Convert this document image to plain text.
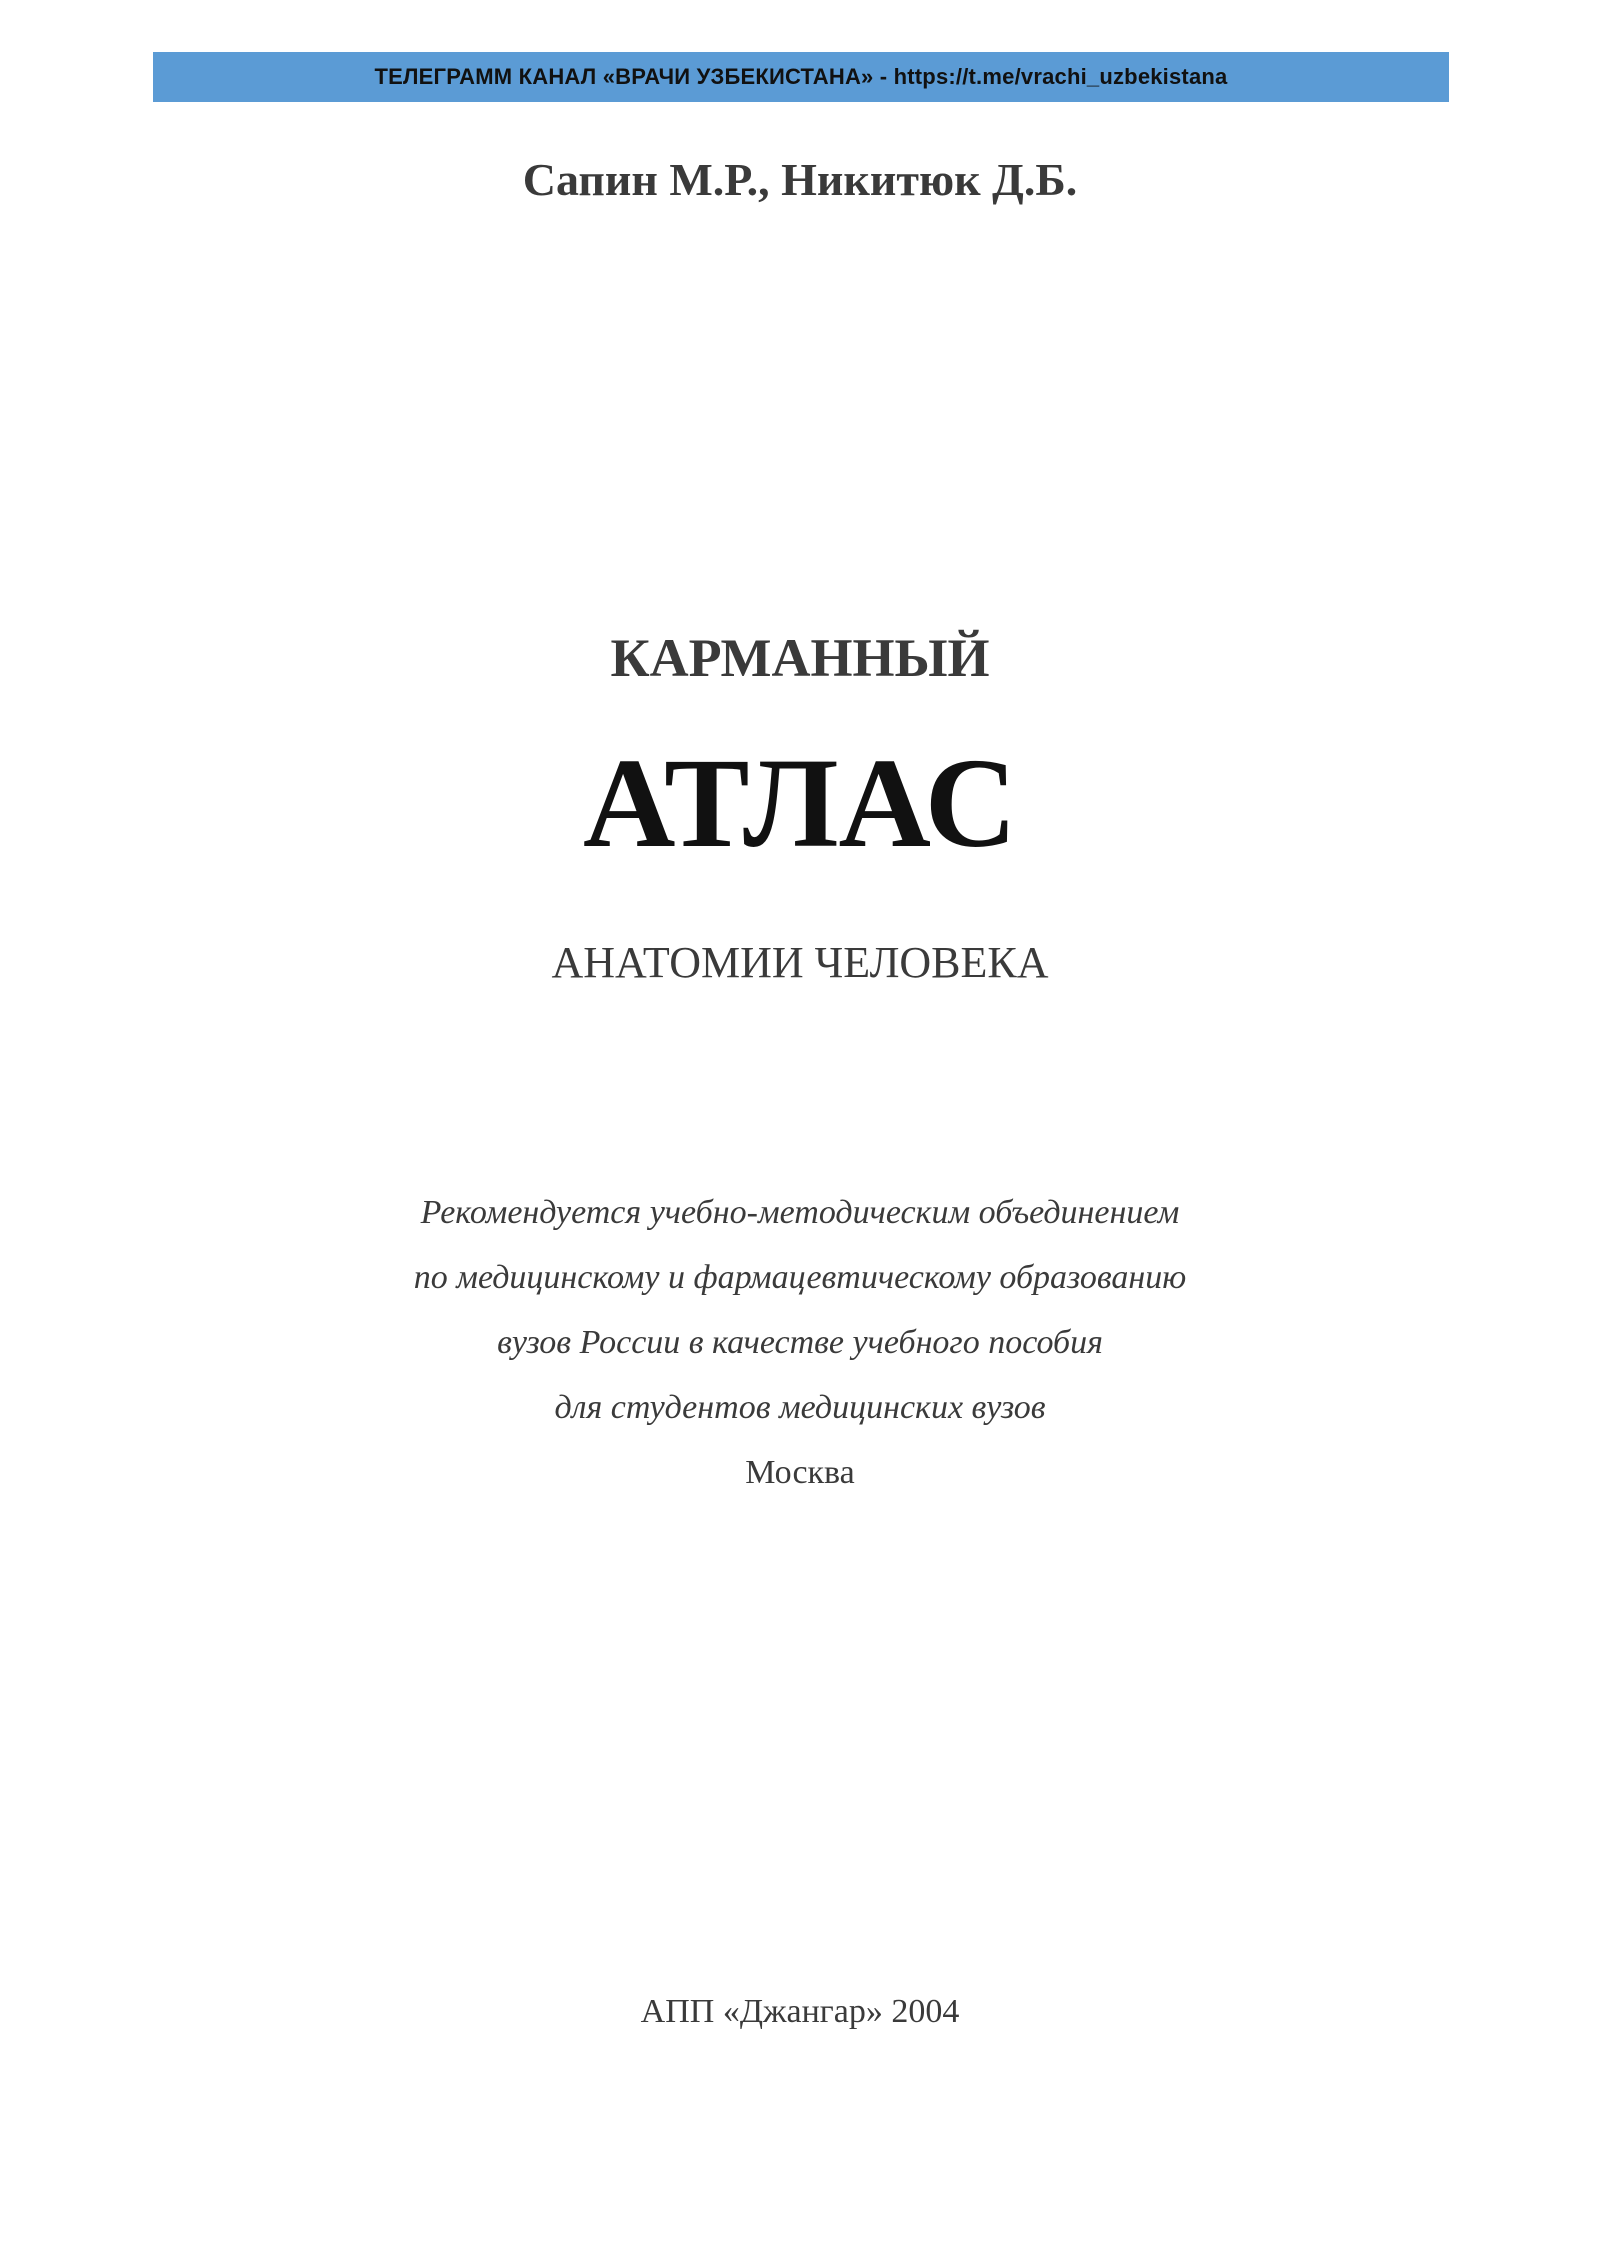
ТЕЛЕГРАММ КАНАЛ «ВРАЧИ УЗБЕКИСТАНА» - https://t.me/vrachi_uzbekistana
Сапин М.Р., Никитюк Д.Б.
КАРМАННЫЙ
АТЛАС
АНАТОМИИ ЧЕЛОВЕКА
Рекомендуется учебно-методическим объединением
по медицинскому и фармацевтическому образованию
вузов России в качестве учебного пособия
для студентов медицинских вузов
Москва
АПП «Джангар» 2004
